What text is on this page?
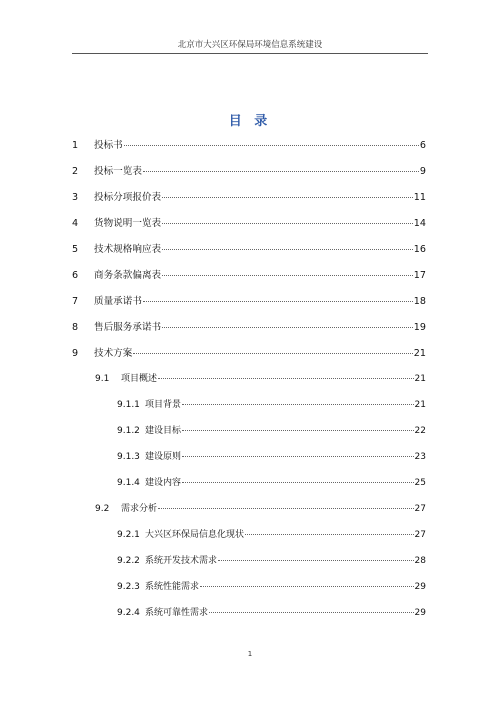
北京市大兴区环保局环境信息系统建设
目 录
1	投标书	6
2	投标一览表	9
3	投标分项报价表	11
4	货物说明一览表	14
5	技术规格响应表	16
6	商务条款偏离表	17
7	质量承诺书	18
8	售后服务承诺书	19
9	技术方案	21
9.1	项目概述	21
9.1.1 项目背景	21
9.1.2 建设目标	22
9.1.3 建设原则	23
9.1.4 建设内容	25
9.2	需求分析	27
9.2.1 大兴区环保局信息化现状	27
9.2.2 系统开发技术需求	28
9.2.3 系统性能需求	29
9.2.4 系统可靠性需求	29
1
